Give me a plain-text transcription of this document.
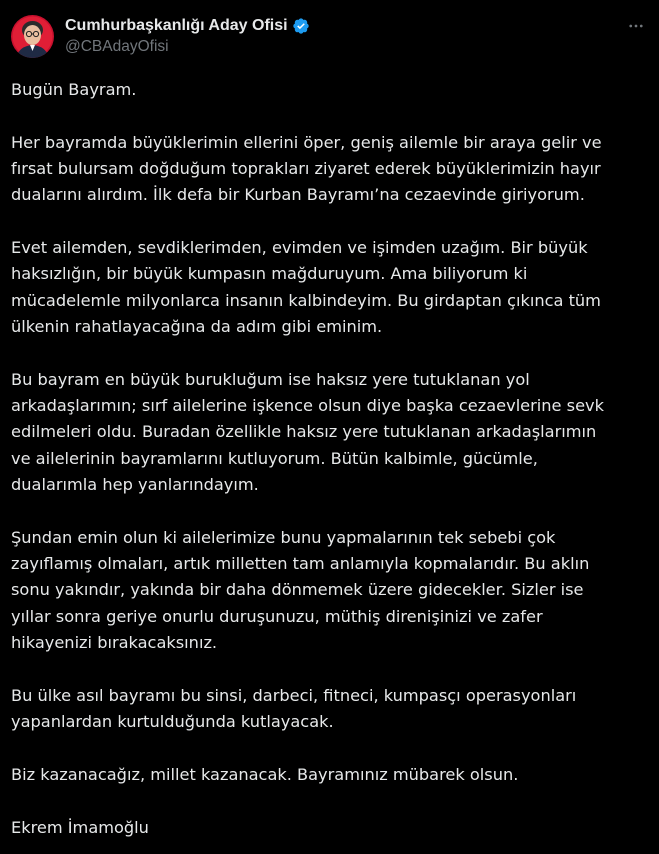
Cumhurbaşkanlığı Aday Ofisi
@CBAdayOfisi

Bugün Bayram.

Her bayramda büyüklerimin ellerini öper, geniş ailemle bir araya gelir ve

fırsat bulursam doğduğum toprakları ziyaret ederek büyüklerimizin hayır

dualarını alırdım. İlk defa bir Kurban Bayramı’na cezaevinde giriyorum.

Evet ailemden, sevdiklerimden, evimden ve işimden uzağım. Bir büyük

haksızlığın, bir büyük kumpasın mağduruyum. Ama biliyorum ki

mücadelemle milyonlarca insanın kalbindeyim. Bu girdaptan çıkınca tüm

ülkenin rahatlayacağına da adım gibi eminim.

Bu bayram en büyük burukluğum ise haksız yere tutuklanan yol

arkadaşlarımın; sırf ailelerine işkence olsun diye başka cezaevlerine sevk

edilmeleri oldu. Buradan özellikle haksız yere tutuklanan arkadaşlarımın

ve ailelerinin bayramlarını kutluyorum. Bütün kalbimle, gücümle,

dualarımla hep yanlarındayım.

Şundan emin olun ki ailelerimize bunu yapmalarının tek sebebi çok

zayıflamış olmaları, artık milletten tam anlamıyla kopmalarıdır. Bu aklın

sonu yakındır, yakında bir daha dönmemek üzere gidecekler. Sizler ise

yıllar sonra geriye onurlu duruşunuzu, müthiş direnişinizi ve zafer

hikayenizi bırakacaksınız.

Bu ülke asıl bayramı bu sinsi, darbeci, fitneci, kumpasçı operasyonları

yapanlardan kurtulduğunda kutlayacak.

Biz kazanacağız, millet kazanacak. Bayramınız mübarek olsun.

Ekrem İmamoğlu
